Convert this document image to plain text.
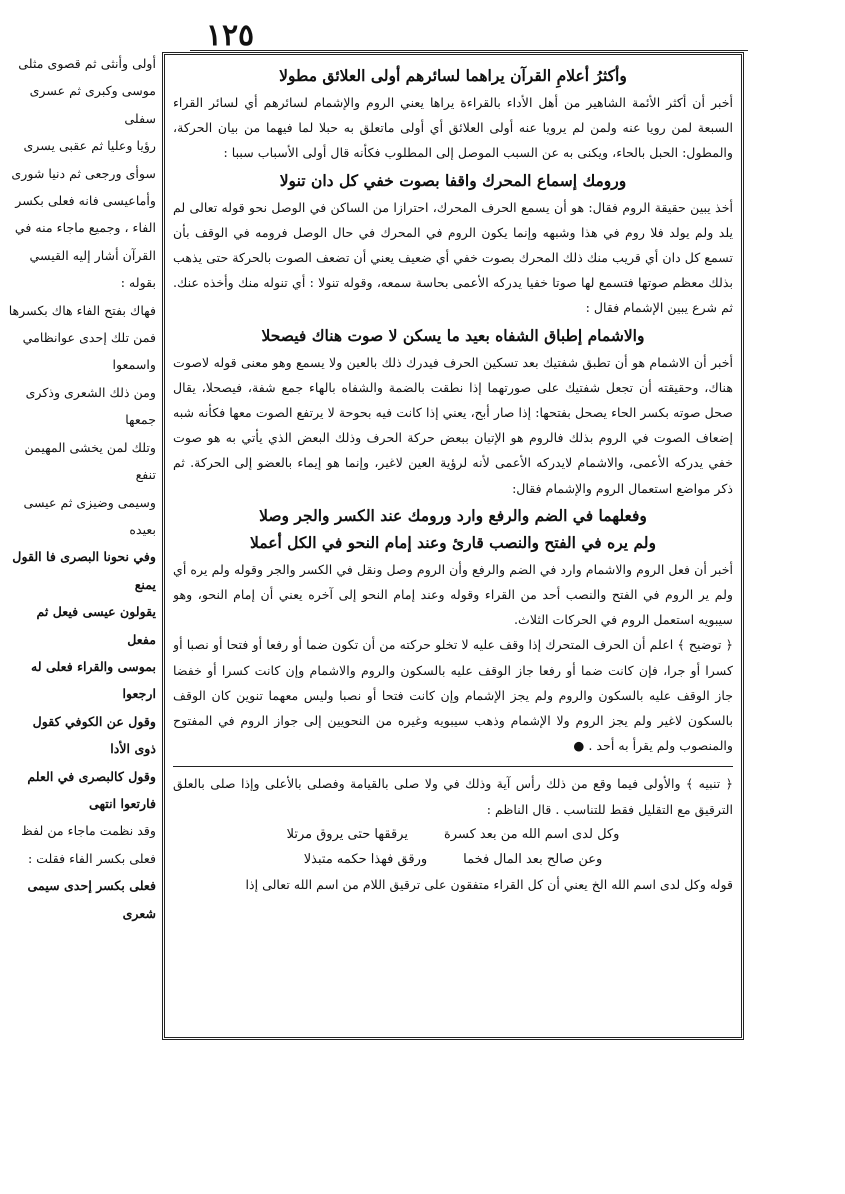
١٢٥

وأكثرُ أعلامِ القرآن يراهما لسائرهم أولى العلائق مطولا

أخبر أن أكثر الأئمة الشاهير من أهل الأداء بالقراءة يراها يعني الروم والإشمام لسائرهم أي لسائر القراء السبعة لمن رويا عنه ولمن لم يرويا عنه أولى العلائق أي أولى ماتعلق به حبلا لما فيهما من بيان الحركة، والمطول: الحبل بالحاء، ويكنى به عن السبب الموصل إلى المطلوب فكأنه قال أولى الأسباب سببا :

ورومك إسماع المحرك واقفا بصوت خفي كل دان تنولا

أخذ يبين حقيقة الروم فقال: هو أن يسمع الحرف المحرك، احترازا من الساكن في الوصل نحو قوله تعالى لم يلد ولم يولد فلا روم في هذا وشبهه وإنما يكون الروم في المحرك في حال الوصل فرومه في الوقف بأن تسمع كل دان أي قريب منك ذلك المحرك بصوت خفي أي ضعيف يعني أن تضعف الصوت بالحركة حتى يذهب بذلك معظم صوتها فتسمع لها صوتا خفيا يدركه الأعمى بحاسة سمعه، وقوله تنولا : أي تنوله منك وأخذه عنك. ثم شرع يبين الإشمام فقال :

والاشمام إطباق الشفاه بعيد ما يسكن لا صوت هناك فيصحلا

أخبر أن الاشمام هو أن تطبق شفتيك بعد تسكين الحرف فيدرك ذلك بالعين ولا يسمع وهو معنى قوله لاصوت هناك، وحقيقته أن تجعل شفتيك على صورتهما إذا نطقت بالضمة والشفاه بالهاء جمع شفة، فيصحلا، يقال صحل صوته بكسر الحاء يصحل بفتحها: إذا صار أبح، يعني إذا كانت فيه بحوحة لا يرتفع الصوت معها فكأنه شبه إضعاف الصوت في الروم بذلك فالروم هو الإتيان ببعض حركة الحرف وذلك البعض الذي يأتي به هو صوت خفي يدركه الأعمى، والاشمام لايدركه الأعمى لأنه لرؤية العين لاغير، وإنما هو إيماء بالعضو إلى الحركة. ثم ذكر مواضع استعمال الروم والإشمام فقال:

وفعلهما في الضم والرفع وارد ورومك عند الكسر والجر وصلا

ولم يره في الفتح والنصب قارئ وعند إمام النحو في الكل أعملا

أخبر أن فعل الروم والاشمام وارد في الضم والرفع وأن الروم وصل ونقل في الكسر والجر وقوله ولم يره أي ولم ير الروم في الفتح والنصب أحد من القراء وقوله وعند إمام النحو إلى آخره يعني أن إمام النحو، وهو سيبويه استعمل الروم في الحركات الثلاث.

﴿ توضيح ﴾ اعلم أن الحرف المتحرك إذا وقف عليه لا تخلو حركته من أن تكون ضما أو رفعا أو فتحا أو نصبا أو كسرا أو جرا، فإن كانت ضما أو رفعا جاز الوقف عليه بالسكون والروم والاشمام وإن كانت كسرا أو خفضا جاز الوقف عليه بالسكون والروم ولم يجز الإشمام وإن كانت فتحا أو نصبا وليس معهما تنوين كان الوقف بالسكون لاغير ولم يجز الروم ولا الإشمام وذهب سيبويه وغيره من النحويين إلى جواز الروم في المفتوح والمنصوب ولم يقرأ به أحد . ●

﴿ تنبيه ﴾ والأولى فيما وقع من ذلك رأس آية وذلك في ولا صلى بالقيامة وفصلى بالأعلى وإذا صلى بالعلق الترقيق مع التقليل فقط للتناسب . قال الناظم :

وكل لدى اسم الله من بعد كسرةيرققها حتى يروق مرتلا

وعن صالح بعد المال فخماورقق فهذا حكمه متبذلا

قوله وكل لدى اسم الله الخ يعني أن كل القراء متفقون على ترقيق اللام من اسم الله تعالى إذا

أولى وأنثى ثم قصوى مثلى

موسى وكبرى ثم عسرى سفلى

رؤيا وعليا ثم عقبى يسرى

سوأى ورجعى ثم دنيا شورى

وأماعيسى فانه فعلى بكسر الفاء ، وجميع ماجاء منه في القرآن أشار إليه القيسي بقوله :

فهاك بفتح الفاء هاك بكسرها

فمن تلك إحدى عوانظامي واسمعوا

ومن ذلك الشعرى وذكرى جمعها

وتلك لمن يخشى المهيمن تنفع

وسيمى وضيزى ثم عيسى بعيده

وفي نحونا البصرى فا القول يمنع

يقولون عيسى فيعل ثم مفعل

بموسى والقراء فعلى له ارجعوا

وقول عن الكوفي كقول ذوى الأدا

وقول كالبصرى في العلم فارتعوا انتهى

وقد نظمت ماجاء من لفظ فعلى بكسر الفاء فقلت :

فعلى بكسر إحدى سيمى

شعرى
